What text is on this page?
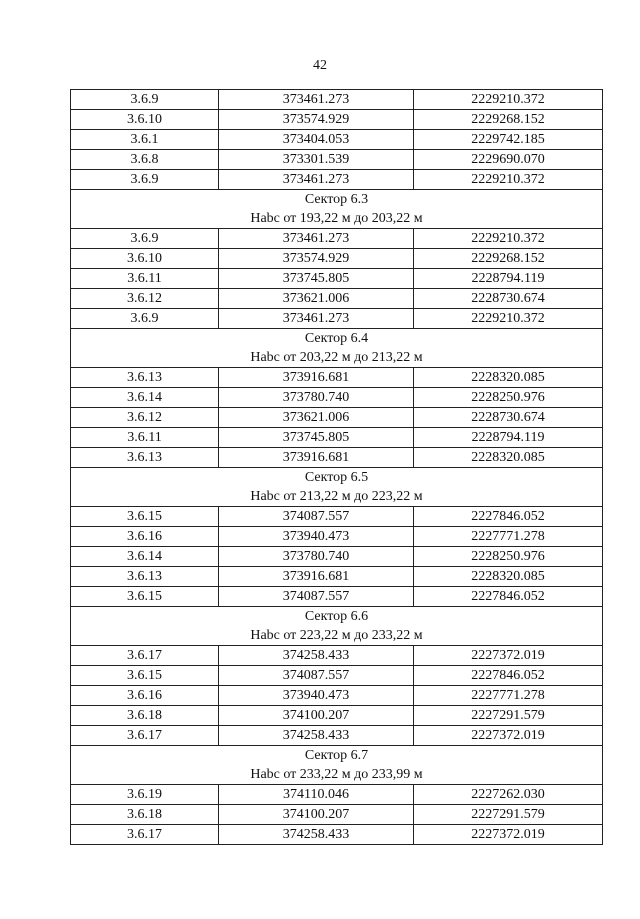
42
3.6.9	373461.273	2229210.372
3.6.10	373574.929	2229268.152
3.6.1	373404.053	2229742.185
3.6.8	373301.539	2229690.070
3.6.9	373461.273	2229210.372

Сектор 6.3
Нabc от 193,22 м до 203,22 м		

3.6.9	373461.273	2229210.372
3.6.10	373574.929	2229268.152
3.6.11	373745.805	2228794.119
3.6.12	373621.006	2228730.674
3.6.9	373461.273	2229210.372

Сектор 6.4
Нabc от 203,22 м до 213,22 м		

3.6.13	373916.681	2228320.085
3.6.14	373780.740	2228250.976
3.6.12	373621.006	2228730.674
3.6.11	373745.805	2228794.119
3.6.13	373916.681	2228320.085

Сектор 6.5
Нabc от 213,22 м до 223,22 м		

3.6.15	374087.557	2227846.052
3.6.16	373940.473	2227771.278
3.6.14	373780.740	2228250.976
3.6.13	373916.681	2228320.085
3.6.15	374087.557	2227846.052

Сектор 6.6
Нabc от 223,22 м до 233,22 м		

3.6.17	374258.433	2227372.019
3.6.15	374087.557	2227846.052
3.6.16	373940.473	2227771.278
3.6.18	374100.207	2227291.579
3.6.17	374258.433	2227372.019

Сектор 6.7
Нabc от 233,22 м до 233,99 м		

3.6.19	374110.046	2227262.030
3.6.18	374100.207	2227291.579
3.6.17	374258.433	2227372.019
